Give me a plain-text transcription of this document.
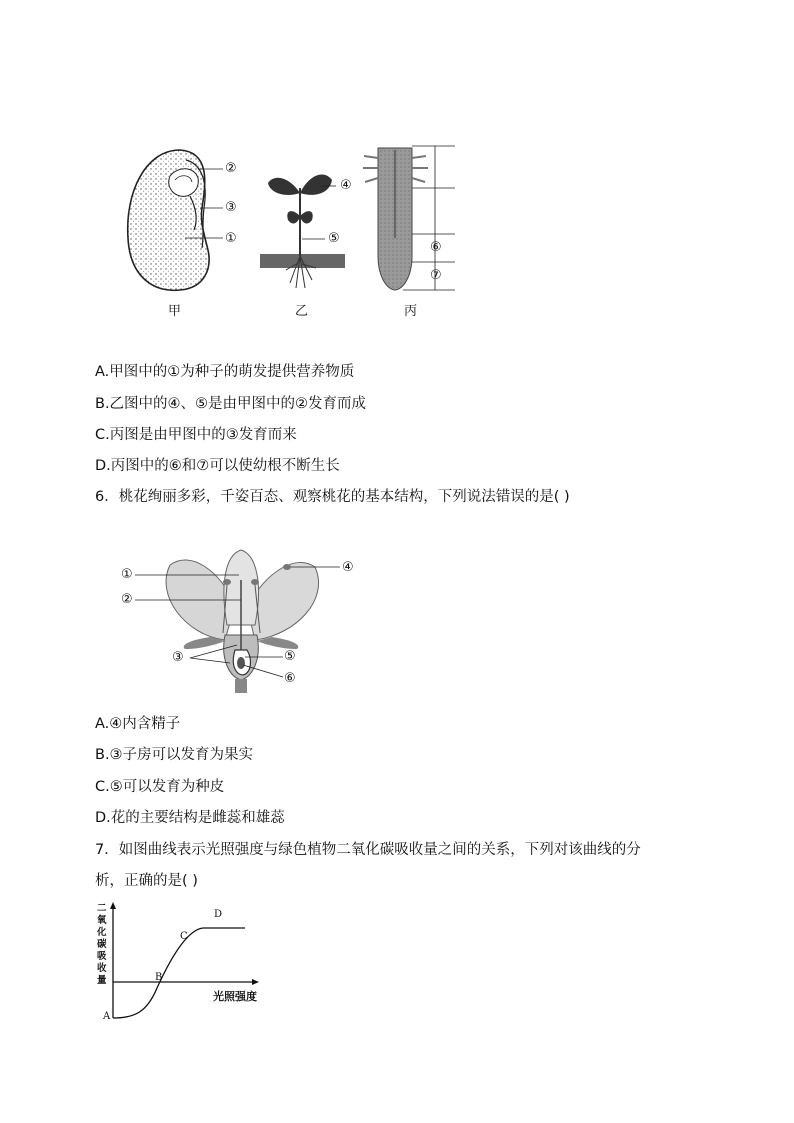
②
③
①
④
⑤
⑥
⑦
甲	乙	丙
A.甲图中的①为种子的萌发提供营养物质
B.乙图中的④、⑤是由甲图中的②发育而成
C.丙图是由甲图中的③发育而来
D.丙图中的⑥和⑦可以使幼根不断生长
6．桃花绚丽多彩，千姿百态、观察桃花的基本结构，下列说法错误的是( )
①
②
③
④
⑤
⑥
A.④内含精子
B.③子房可以发育为果实
C.⑤可以发育为种皮
D.花的主要结构是雌蕊和雄蕊
7．如图曲线表示光照强度与绿色植物二氧化碳吸收量之间的关系，下列对该曲线的分
析，正确的是( )
二氧化碳吸收量
光照强度
A
B
C
D
